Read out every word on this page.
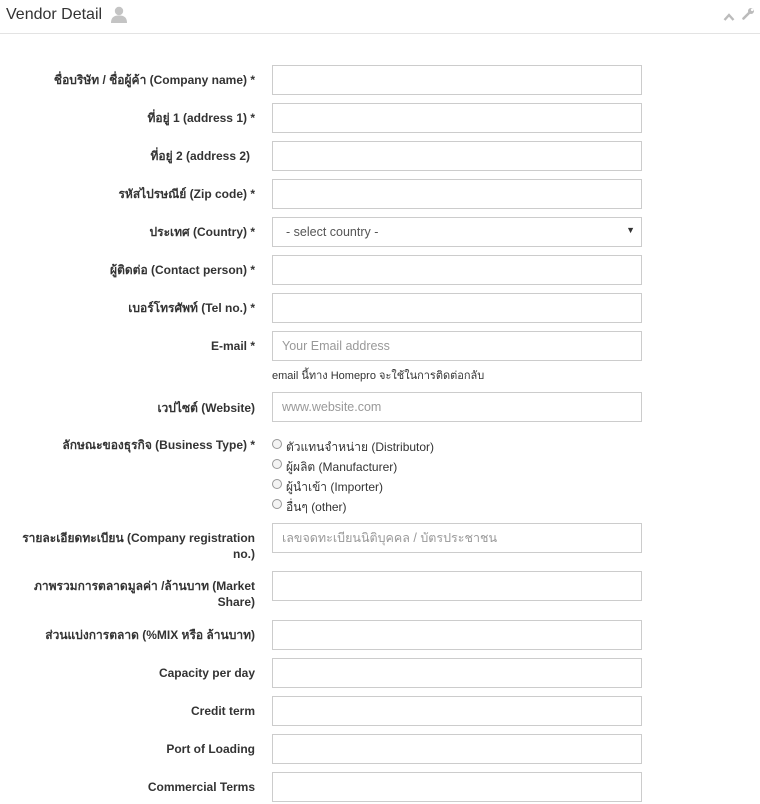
Vendor Detail
ชื่อบริษัท / ชื่อผู้ค้า (Company name) *
ที่อยู่ 1 (address 1) *
ที่อยู่ 2 (address 2)
รหัสไปรษณีย์ (Zip code) *
ประเทศ (Country) * - select country -	▼
ผู้ติดต่อ (Contact person) *
เบอร์โทรศัพท์ (Tel no.) *
E-mail *
Your Email address
email นี้ทาง Homepro จะใช้ในการติดต่อกลับ
เวปไซต์ (Website)
www.website.com
ลักษณะของธุรกิจ (Business Type) *	ตัวแทนจำหน่าย (Distributor)
ผู้ผลิต (Manufacturer)
ผู้นำเข้า (Importer)
อื่นๆ (other)
รายละเอียดทะเบียน (Company registration
no.)
เลขจดทะเบียนนิติบุคคล / บัตรประชาชน
ภาพรวมการตลาดมูลค่า /ล้านบาท (Market
Share)
ส่วนแบ่งการตลาด (%MIX หรือ ล้านบาท)
Capacity per day
Credit term
Port of Loading
Commercial Terms
